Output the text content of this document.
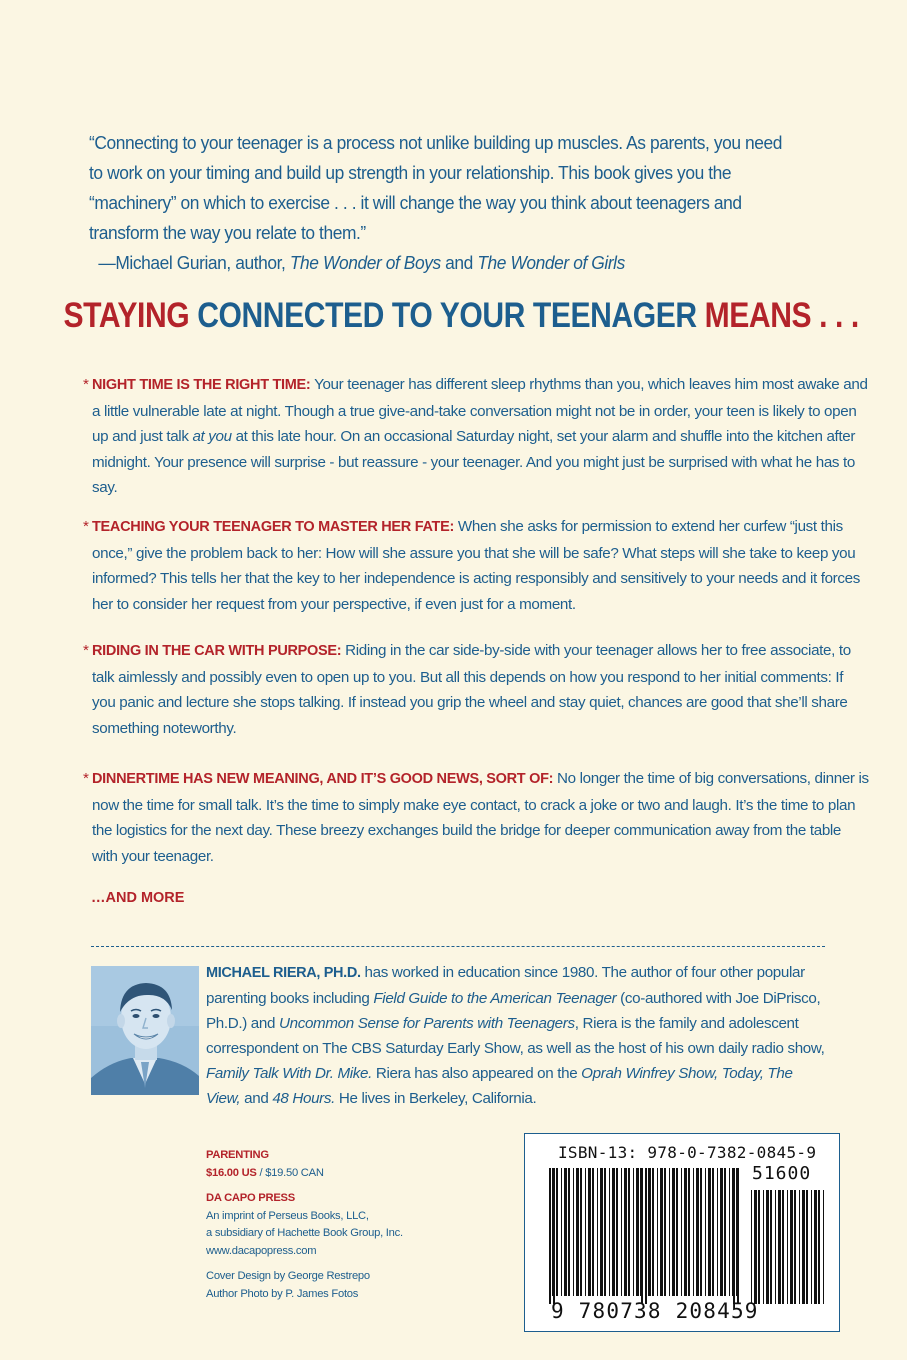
“Connecting to your teenager is a process not unlike building up muscles. As parents, you need to work on your timing and build up strength in your relationship. This book gives you the “machinery” on which to exercise . . . it will change the way you think about teenagers and transform the way you relate to them.”

—Michael Gurian, author, The Wonder of Boys and The Wonder of Girls

STAYING CONNECTED TO YOUR TEENAGER MEANS . . .

* NIGHT TIME IS THE RIGHT TIME: Your teenager has different sleep rhythms than you, which leaves him most awake and a little vulnerable late at night. Though a true give-and-take conversation might not be in order, your teen is likely to open up and just talk at you at this late hour. On an occasional Saturday night, set your alarm and shuffle into the kitchen after midnight. Your presence will surprise - but reassure - your teenager. And you might just be surprised with what he has to say.

* TEACHING YOUR TEENAGER TO MASTER HER FATE: When she asks for permission to extend her curfew “just this once,” give the problem back to her: How will she assure you that she will be safe? What steps will she take to keep you informed? This tells her that the key to her independence is acting responsibly and sensitively to your needs and it forces her to consider her request from your perspective, if even just for a moment.

* RIDING IN THE CAR WITH PURPOSE: Riding in the car side-by-side with your teenager allows her to free associate, to talk aimlessly and possibly even to open up to you. But all this depends on how you respond to her initial comments: If you panic and lecture she stops talking. If instead you grip the wheel and stay quiet, chances are good that she’ll share something noteworthy.

* DINNERTIME HAS NEW MEANING, AND IT’S GOOD NEWS, SORT OF: No longer the time of big conversations, dinner is now the time for small talk. It’s the time to simply make eye contact, to crack a joke or two and laugh. It’s the time to plan the logistics for the next day. These breezy exchanges build the bridge for deeper communication away from the table with your teenager.

…AND MORE

MICHAEL RIERA, PH.D. has worked in education since 1980. The author of four other popular parenting books including Field Guide to the American Teenager (co-authored with Joe DiPrisco, Ph.D.) and Uncommon Sense for Parents with Teenagers, Riera is the family and adolescent correspondent on The CBS Saturday Early Show, as well as the host of his own daily radio show, Family Talk With Dr. Mike. Riera has also appeared on the Oprah Winfrey Show, Today, The View, and 48 Hours. He lives in Berkeley, California.

PARENTING
$16.00 US / $19.50 CAN
DA CAPO PRESS
An imprint of Perseus Books, LLC,
a subsidiary of Hachette Book Group, Inc.
www.dacapopress.com
Cover Design by George Restrepo
Author Photo by P. James Fotos
ISBN-13: 978-0-7382-0845-9
51600
9 780738 208459
